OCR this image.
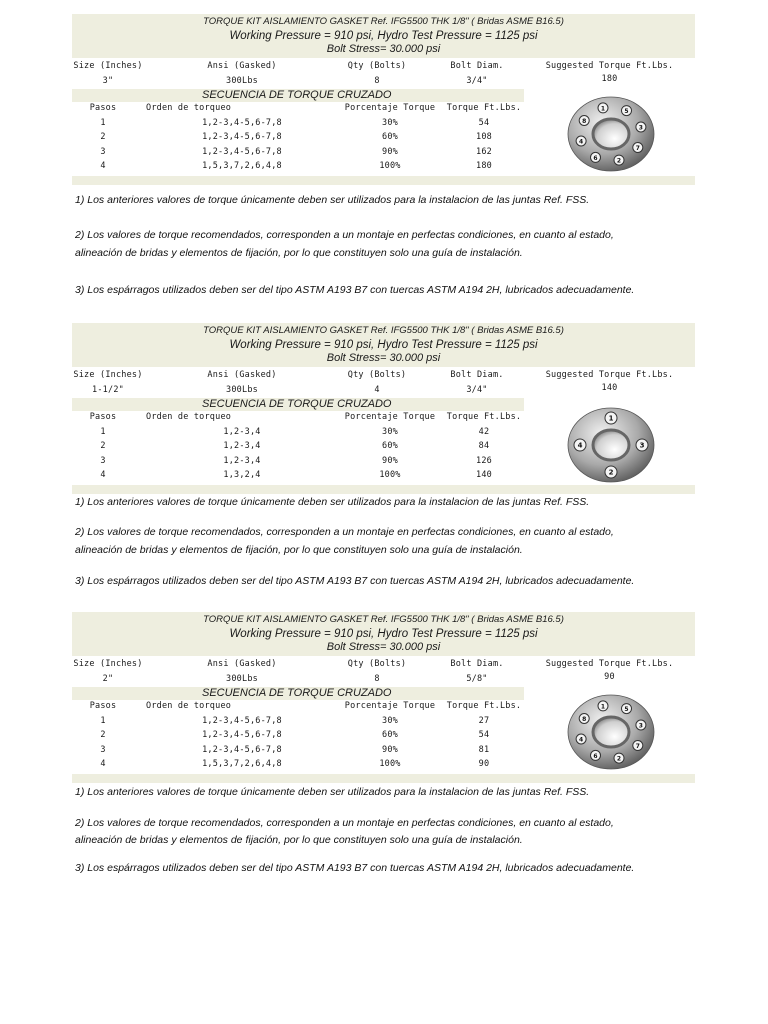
TORQUE KIT AISLAMIENTO GASKET Ref. IFG5500 THK 1/8" ( Bridas ASME B16.5)
Working Pressure = 910 psi, Hydro Test Pressure = 1125 psi
Bolt Stress= 30.000 psi
Size (Inches)	Ansi (Gasked)	Qty (Bolts)	Bolt Diam.	Suggested Torque Ft.Lbs.
3"	300Lbs	8	3/4"	180
SECUENCIA DE TORQUE CRUZADO
Pasos	Orden de torqueo	Porcentaje Torque	Torque Ft.Lbs.
1	1,2-3,4-5,6-7,8	30%	54
2	1,2-3,4-5,6-7,8	60%	108
3	1,2-3,4-5,6-7,8	90%	162
4	1,5,3,7,2,6,4,8	100%	180
1	5
3
7
2
6
4
8
1) Los anteriores valores de torque únicamente deben ser utilizados para la instalacion de las juntas Ref. FSS.
2) Los valores de torque recomendados, corresponden a un montaje en perfectas condiciones, en cuanto al estado,
alineación de bridas y elementos de fijación, por lo que constituyen solo una guía de instalación.
3) Los espárragos utilizados deben ser del tipo ASTM A193 B7 con tuercas ASTM A194 2H, lubricados adecuadamente.
TORQUE KIT AISLAMIENTO GASKET Ref. IFG5500 THK 1/8" ( Bridas ASME B16.5)
Working Pressure = 910 psi, Hydro Test Pressure = 1125 psi
Bolt Stress= 30.000 psi
Size (Inches)	Ansi (Gasked)	Qty (Bolts)	Bolt Diam.	Suggested Torque Ft.Lbs.
1-1/2"	300Lbs	4	3/4"	140
SECUENCIA DE TORQUE CRUZADO
Pasos	Orden de torqueo	Porcentaje Torque	Torque Ft.Lbs.
1	1,2-3,4	30%	42
2	1,2-3,4	60%	84
3	1,2-3,4	90%	126
4	1,3,2,4	100%	140
1
3
2
4
1) Los anteriores valores de torque únicamente deben ser utilizados para la instalacion de las juntas Ref. FSS.
2) Los valores de torque recomendados, corresponden a un montaje en perfectas condiciones, en cuanto al estado,
alineación de bridas y elementos de fijación, por lo que constituyen solo una guía de instalación.
3) Los espárragos utilizados deben ser del tipo ASTM A193 B7 con tuercas ASTM A194 2H, lubricados adecuadamente.
TORQUE KIT AISLAMIENTO GASKET Ref. IFG5500 THK 1/8" ( Bridas ASME B16.5)
Working Pressure = 910 psi, Hydro Test Pressure = 1125 psi
Bolt Stress= 30.000 psi
Size (Inches)	Ansi (Gasked)	Qty (Bolts)	Bolt Diam.	Suggested Torque Ft.Lbs.
2"	300Lbs	8	5/8"	90
SECUENCIA DE TORQUE CRUZADO
Pasos	Orden de torqueo	Porcentaje Torque	Torque Ft.Lbs.
1	1,2-3,4-5,6-7,8	30%	27
2	1,2-3,4-5,6-7,8	60%	54
3	1,2-3,4-5,6-7,8	90%	81
4	1,5,3,7,2,6,4,8	100%	90
1	5
3
7
2
6
4
8
1) Los anteriores valores de torque únicamente deben ser utilizados para la instalacion de las juntas Ref. FSS.
2) Los valores de torque recomendados, corresponden a un montaje en perfectas condiciones, en cuanto al estado,
alineación de bridas y elementos de fijación, por lo que constituyen solo una guía de instalación.
3) Los espárragos utilizados deben ser del tipo ASTM A193 B7 con tuercas ASTM A194 2H, lubricados adecuadamente.
